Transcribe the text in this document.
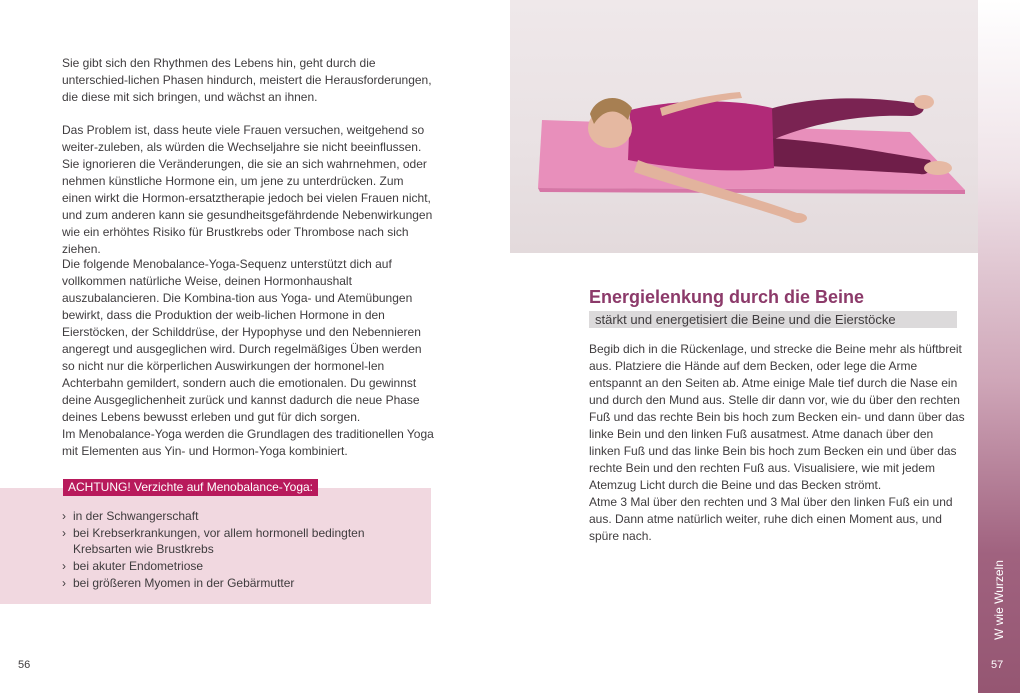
Sie gibt sich den Rhythmen des Lebens hin, geht durch die unterschied-lichen Phasen hindurch, meistert die Herausforderungen, die diese mit sich bringen, und wächst an ihnen.

Das Problem ist, dass heute viele Frauen versuchen, weitgehend so weiter-zuleben, als würden die Wechseljahre sie nicht beeinflussen. Sie ignorieren die Veränderungen, die sie an sich wahrnehmen, oder nehmen künstliche Hormone ein, um jene zu unterdrücken. Zum einen wirkt die Hormon-ersatztherapie jedoch bei vielen Frauen nicht, und zum anderen kann sie gesundheitsgefährdende Nebenwirkungen wie ein erhöhtes Risiko für Brustkrebs oder Thrombose nach sich ziehen.

Die folgende Menobalance-Yoga-Sequenz unterstützt dich auf vollkommen natürliche Weise, deinen Hormonhaushalt auszubalancieren. Die Kombina-tion aus Yoga- und Atemübungen bewirkt, dass die Produktion der weib-lichen Hormone in den Eierstöcken, der Schilddrüse, der Hypophyse und den Nebennieren angeregt und ausgeglichen wird. Durch regelmäßiges Üben werden so nicht nur die körperlichen Auswirkungen der hormonel-len Achterbahn gemildert, sondern auch die emotionalen. Du gewinnst deine Ausgeglichenheit zurück und kannst dadurch die neue Phase deines Lebens bewusst erleben und gut für dich sorgen.
Im Menobalance-Yoga werden die Grundlagen des traditionellen Yoga mit Elementen aus Yin- und Hormon-Yoga kombiniert.

ACHTUNG! Verzichte auf Menobalance-Yoga:
› in der Schwangerschaft
› bei Krebserkrankungen, vor allem hormonell bedingten Krebsarten wie Brustkrebs
› bei akuter Endometriose
› bei größeren Myomen in der Gebärmutter
56
Energielenkung durch die Beine
stärkt und energetisiert die Beine und die Eierstöcke

Begib dich in die Rückenlage, und strecke die Beine mehr als hüftbreit aus. Platziere die Hände auf dem Becken, oder lege die Arme entspannt an den Seiten ab. Atme einige Male tief durch die Nase ein und durch den Mund aus. Stelle dir dann vor, wie du über den rechten Fuß und das rechte Bein bis hoch zum Becken ein- und dann über das linke Bein und den linken Fuß ausatmest. Atme danach über den linken Fuß und das linke Bein bis hoch zum Becken ein und über das rechte Bein und den rechten Fuß aus. Visualisiere, wie mit jedem Atemzug Licht durch die Beine und das Becken strömt.
Atme 3 Mal über den rechten und 3 Mal über den linken Fuß ein und aus. Dann atme natürlich weiter, ruhe dich einen Moment aus, und spüre nach.

W wie Wurzeln
57
